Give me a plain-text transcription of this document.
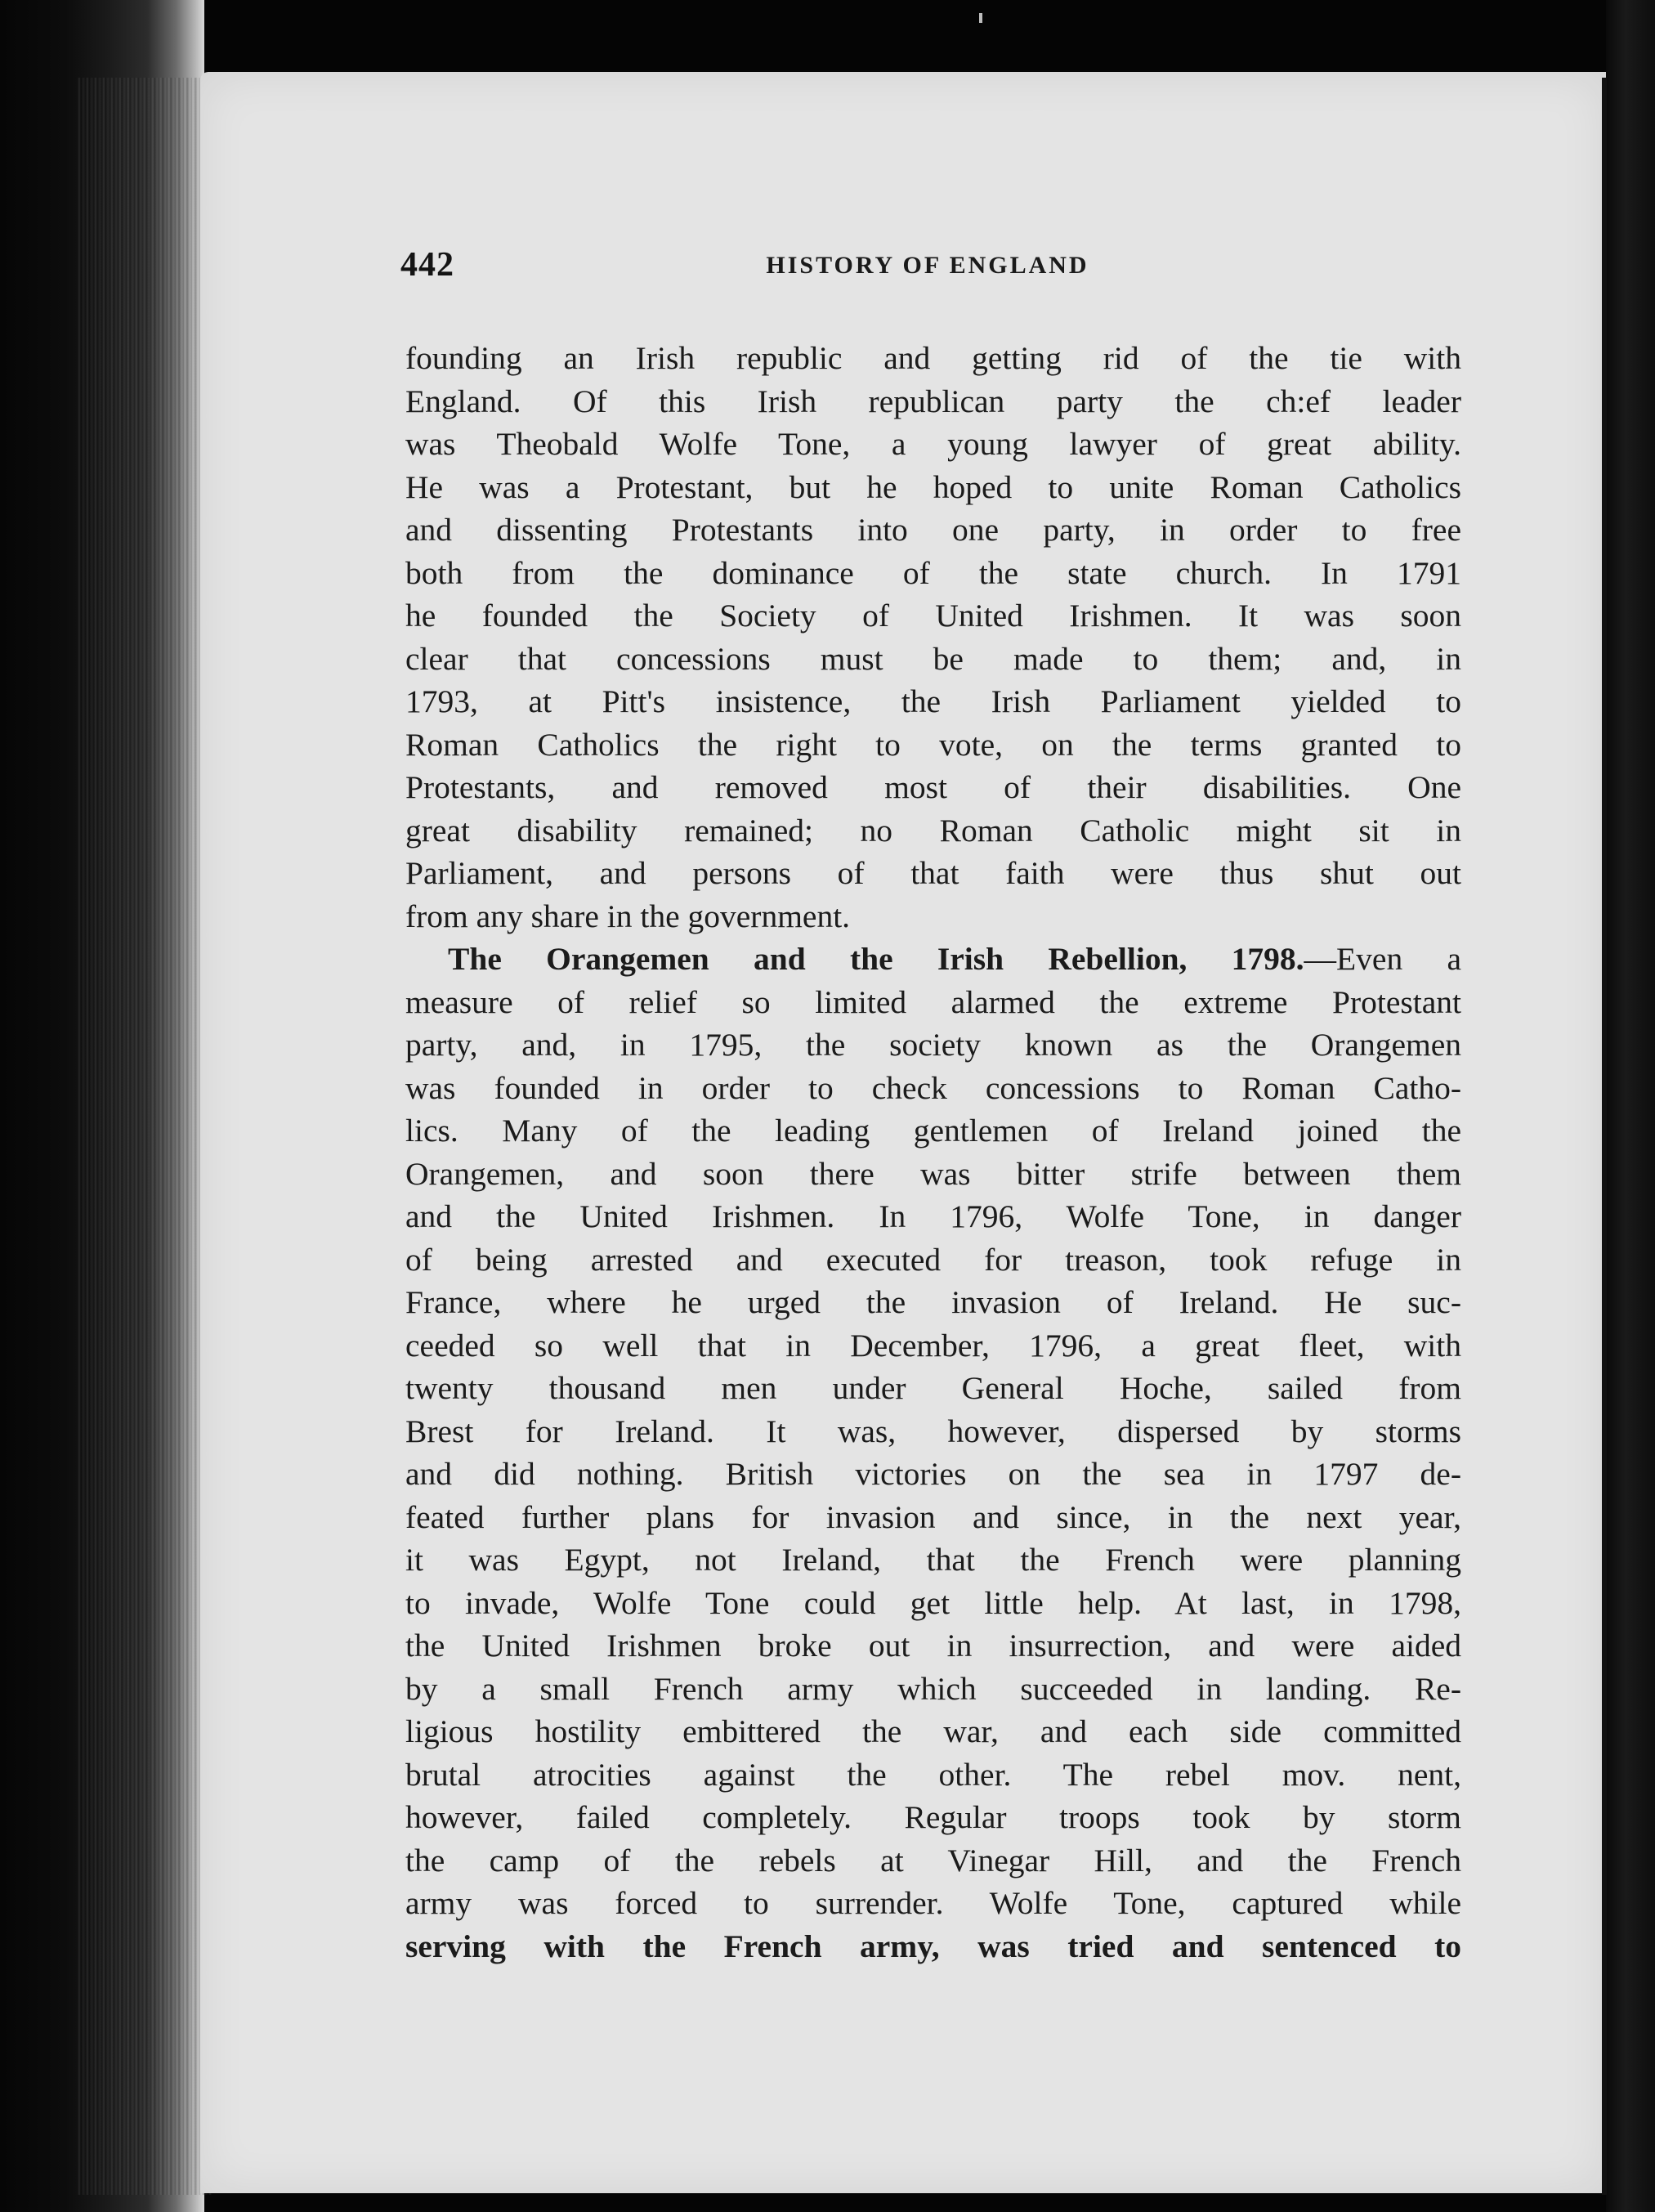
442	HISTORY OF ENGLAND
founding an Irish republic and getting rid of the tie with
England. Of this Irish republican party the ch:ef leader
was Theobald Wolfe Tone, a young lawyer of great ability.
He was a Protestant, but he hoped to unite Roman Catholics
and dissenting Protestants into one party, in order to free
both from the dominance of the state church. In 1791
he founded the Society of United Irishmen. It was soon
clear that concessions must be made to them; and, in
1793, at Pitt's insistence, the Irish Parliament yielded to
Roman Catholics the right to vote, on the terms granted to
Protestants, and removed most of their disabilities. One
great disability remained; no Roman Catholic might sit in
Parliament, and persons of that faith were thus shut out
from any share in the government.
The Orangemen and the Irish Rebellion, 1798.—Even a
measure of relief so limited alarmed the extreme Protestant
party, and, in 1795, the society known as the Orangemen
was founded in order to check concessions to Roman Catho-
lics. Many of the leading gentlemen of Ireland joined the
Orangemen, and soon there was bitter strife between them
and the United Irishmen. In 1796, Wolfe Tone, in danger
of being arrested and executed for treason, took refuge in
France, where he urged the invasion of Ireland. He suc-
ceeded so well that in December, 1796, a great fleet, with
twenty thousand men under General Hoche, sailed from
Brest for Ireland. It was, however, dispersed by storms
and did nothing. British victories on the sea in 1797 de-
feated further plans for invasion and since, in the next year,
it was Egypt, not Ireland, that the French were planning
to invade, Wolfe Tone could get little help. At last, in 1798,
the United Irishmen broke out in insurrection, and were aided
by a small French army which succeeded in landing. Re-
ligious hostility embittered the war, and each side committed
brutal atrocities against the other. The rebel mov. nent,
however, failed completely. Regular troops took by storm
the camp of the rebels at Vinegar Hill, and the French
army was forced to surrender. Wolfe Tone, captured while
serving with the French army, was tried and sentenced to
